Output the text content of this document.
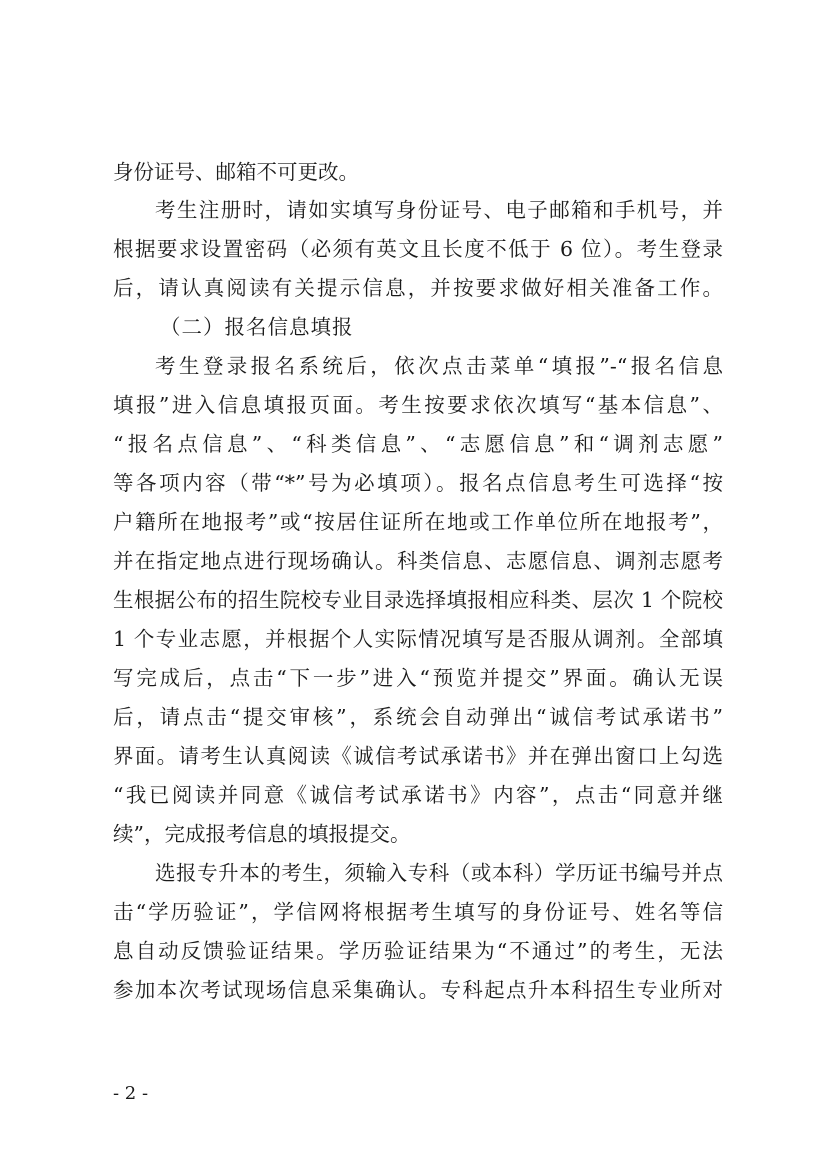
身份证号、邮箱不可更改。
考生注册时，请如实填写身份证号、电子邮箱和手机号，并
根据要求设置密码（必须有英文且长度不低于 6 位）。考生登录
后，请认真阅读有关提示信息，并按要求做好相关准备工作。
（二）报名信息填报
考生登录报名系统后，依次点击菜单“填报”-“报名信息
填报”进入信息填报页面。考生按要求依次填写“基本信息”、
“报名点信息”、“科类信息”、“志愿信息”和“调剂志愿”
等各项内容（带“*”号为必填项）。报名点信息考生可选择“按
户籍所在地报考”或“按居住证所在地或工作单位所在地报考”，
并在指定地点进行现场确认。科类信息、志愿信息、调剂志愿考
生根据公布的招生院校专业目录选择填报相应科类、层次 1 个院校
1 个专业志愿，并根据个人实际情况填写是否服从调剂。全部填
写完成后，点击“下一步”进入“预览并提交”界面。确认无误
后，请点击“提交审核”，系统会自动弹出“诚信考试承诺书”
界面。请考生认真阅读《诚信考试承诺书》并在弹出窗口上勾选
“我已阅读并同意《诚信考试承诺书》内容”，点击“同意并继
续”，完成报考信息的填报提交。
选报专升本的考生，须输入专科（或本科）学历证书编号并点
击“学历验证”，学信网将根据考生填写的身份证号、姓名等信
息自动反馈验证结果。学历验证结果为“不通过”的考生，无法
参加本次考试现场信息采集确认。专科起点升本科招生专业所对
- 2 -
